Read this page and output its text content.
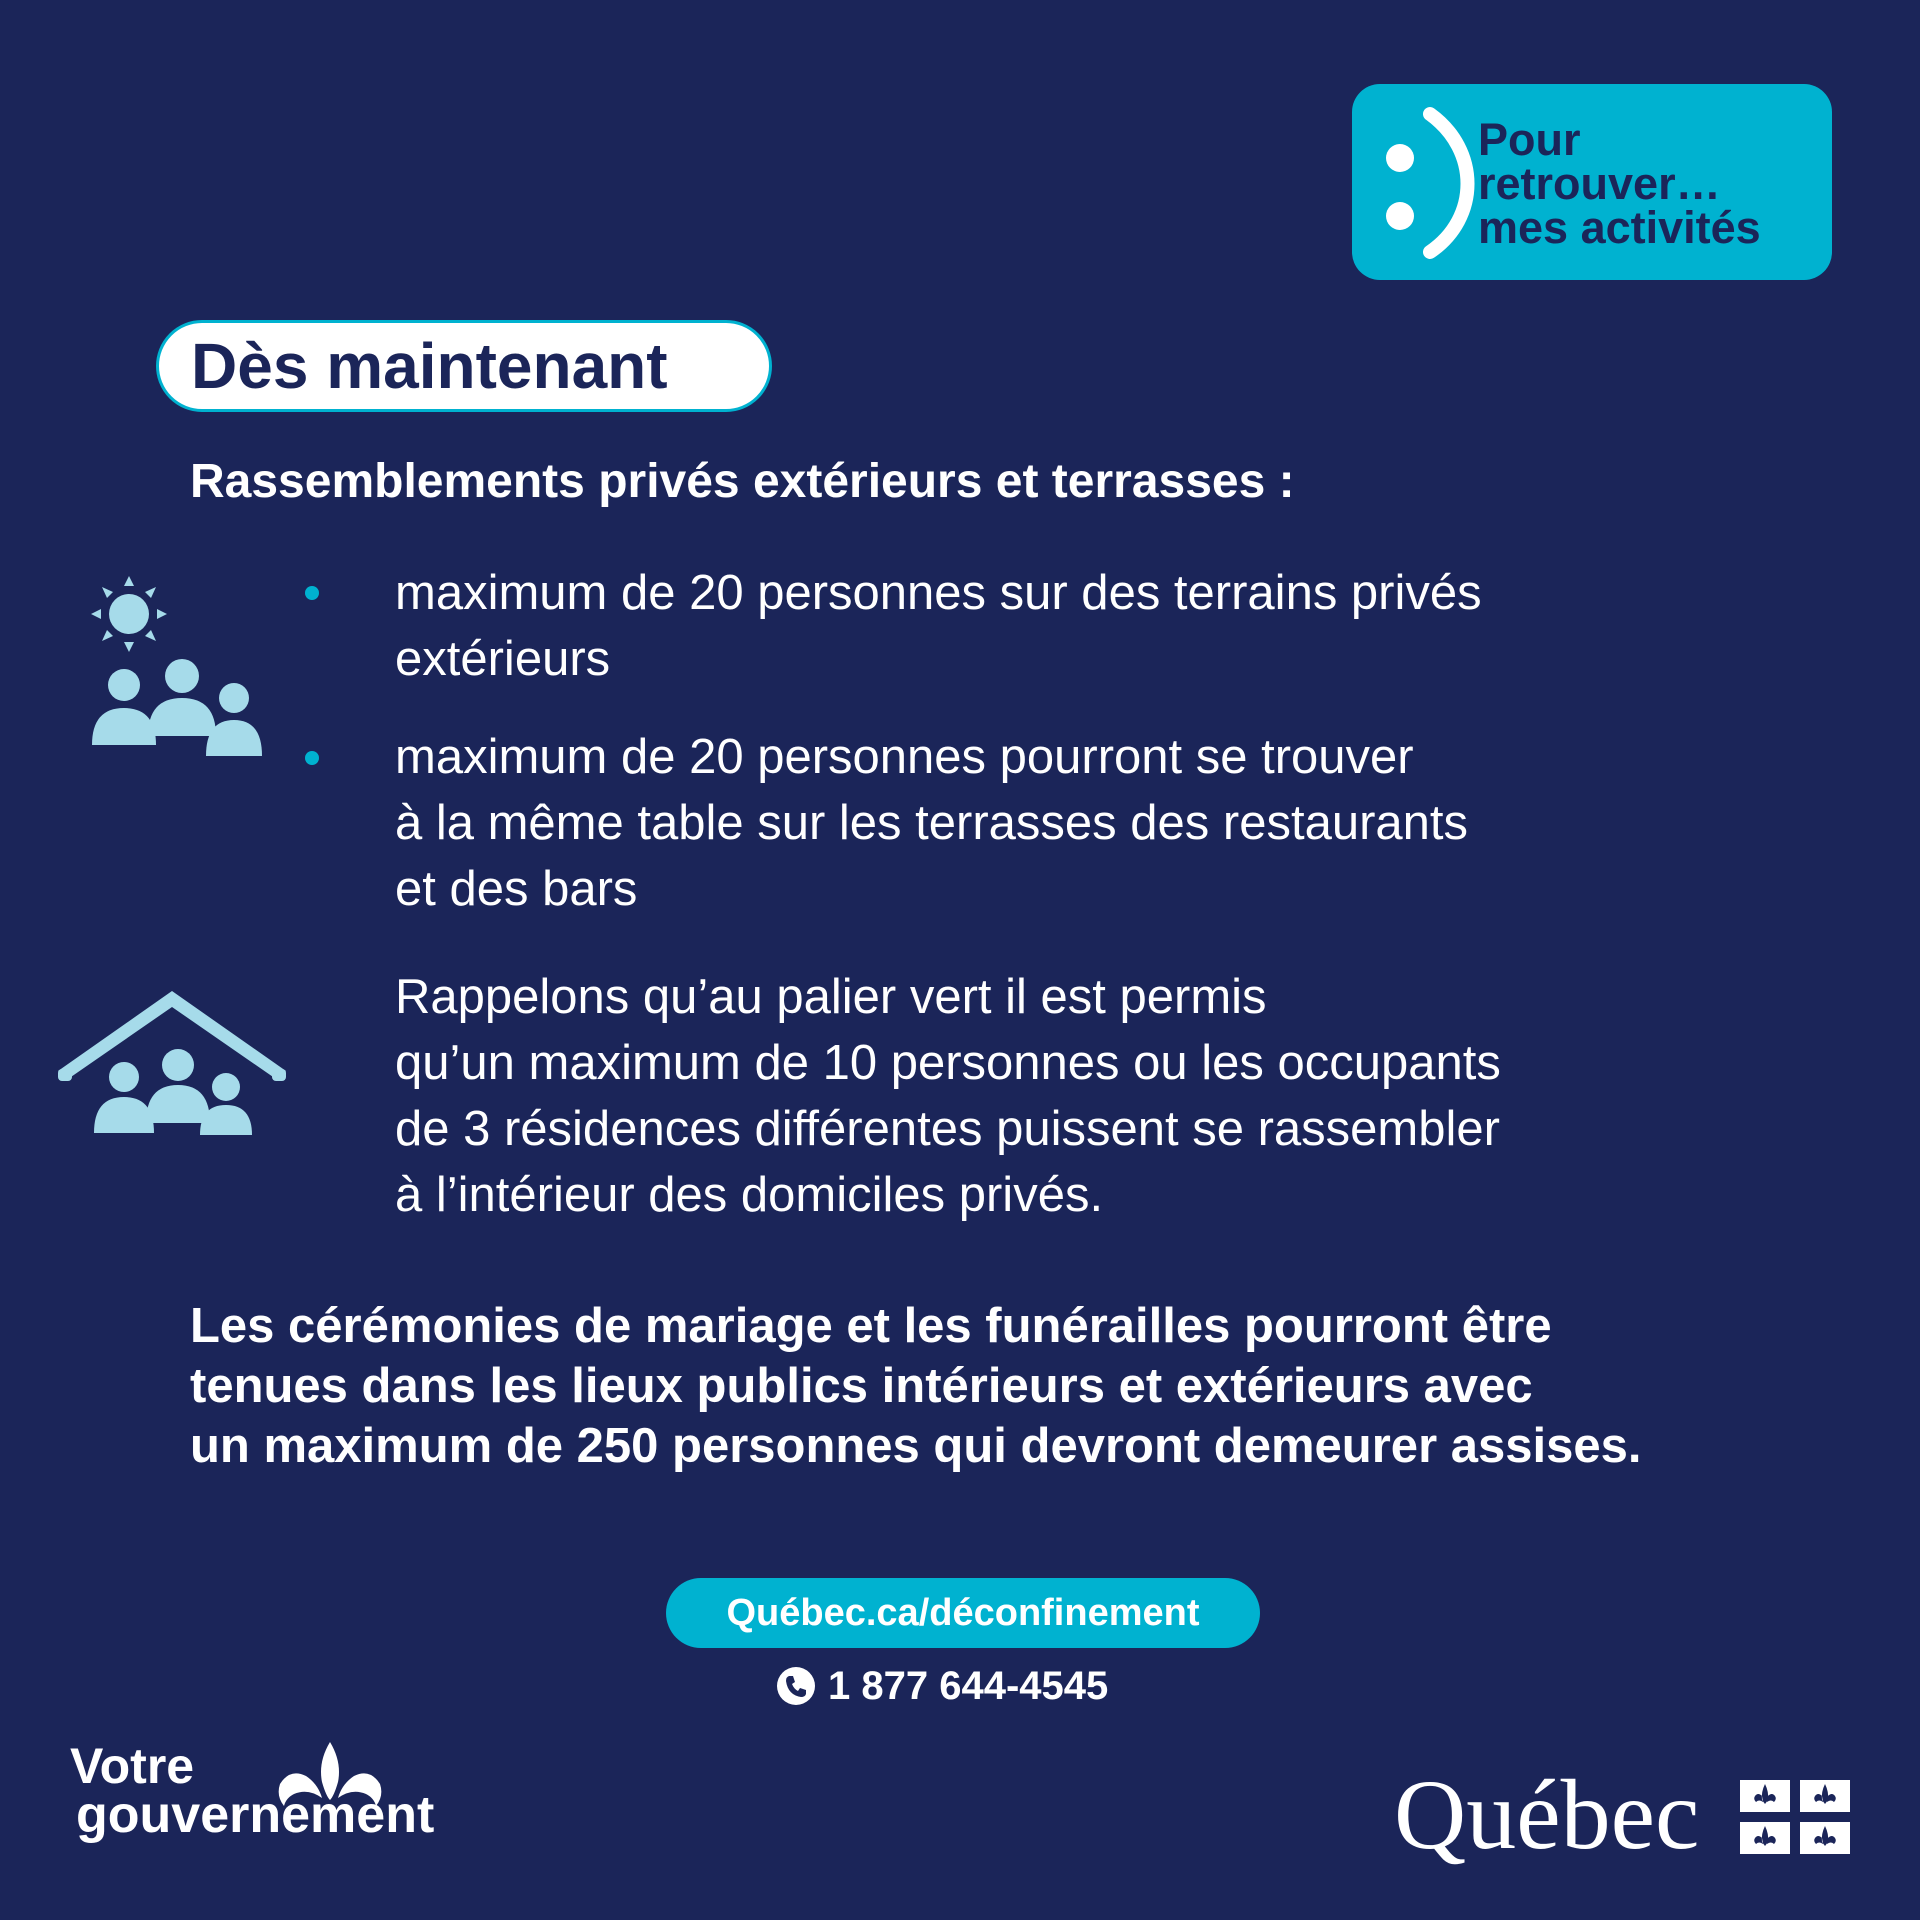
Pour
retrouver…
mes activités
Dès maintenant
Rassemblements privés extérieurs et terrasses :
maximum de 20 personnes sur des terrains privés
extérieurs
maximum de 20 personnes pourront se trouver
à la même table sur les terrasses des restaurants
et des bars
Rappelons qu’au palier vert il est permis
qu’un maximum de 10 personnes ou les occupants
de 3 résidences différentes puissent se rassembler
à l’intérieur des domiciles privés.
Les cérémonies de mariage et les funérailles pourront être
tenues dans les lieux publics intérieurs et extérieurs avec
un maximum de 250 personnes qui devront demeurer assises.
Québec.ca/déconfinement
1 877 644-4545
Votre
gouvernement	Québec
